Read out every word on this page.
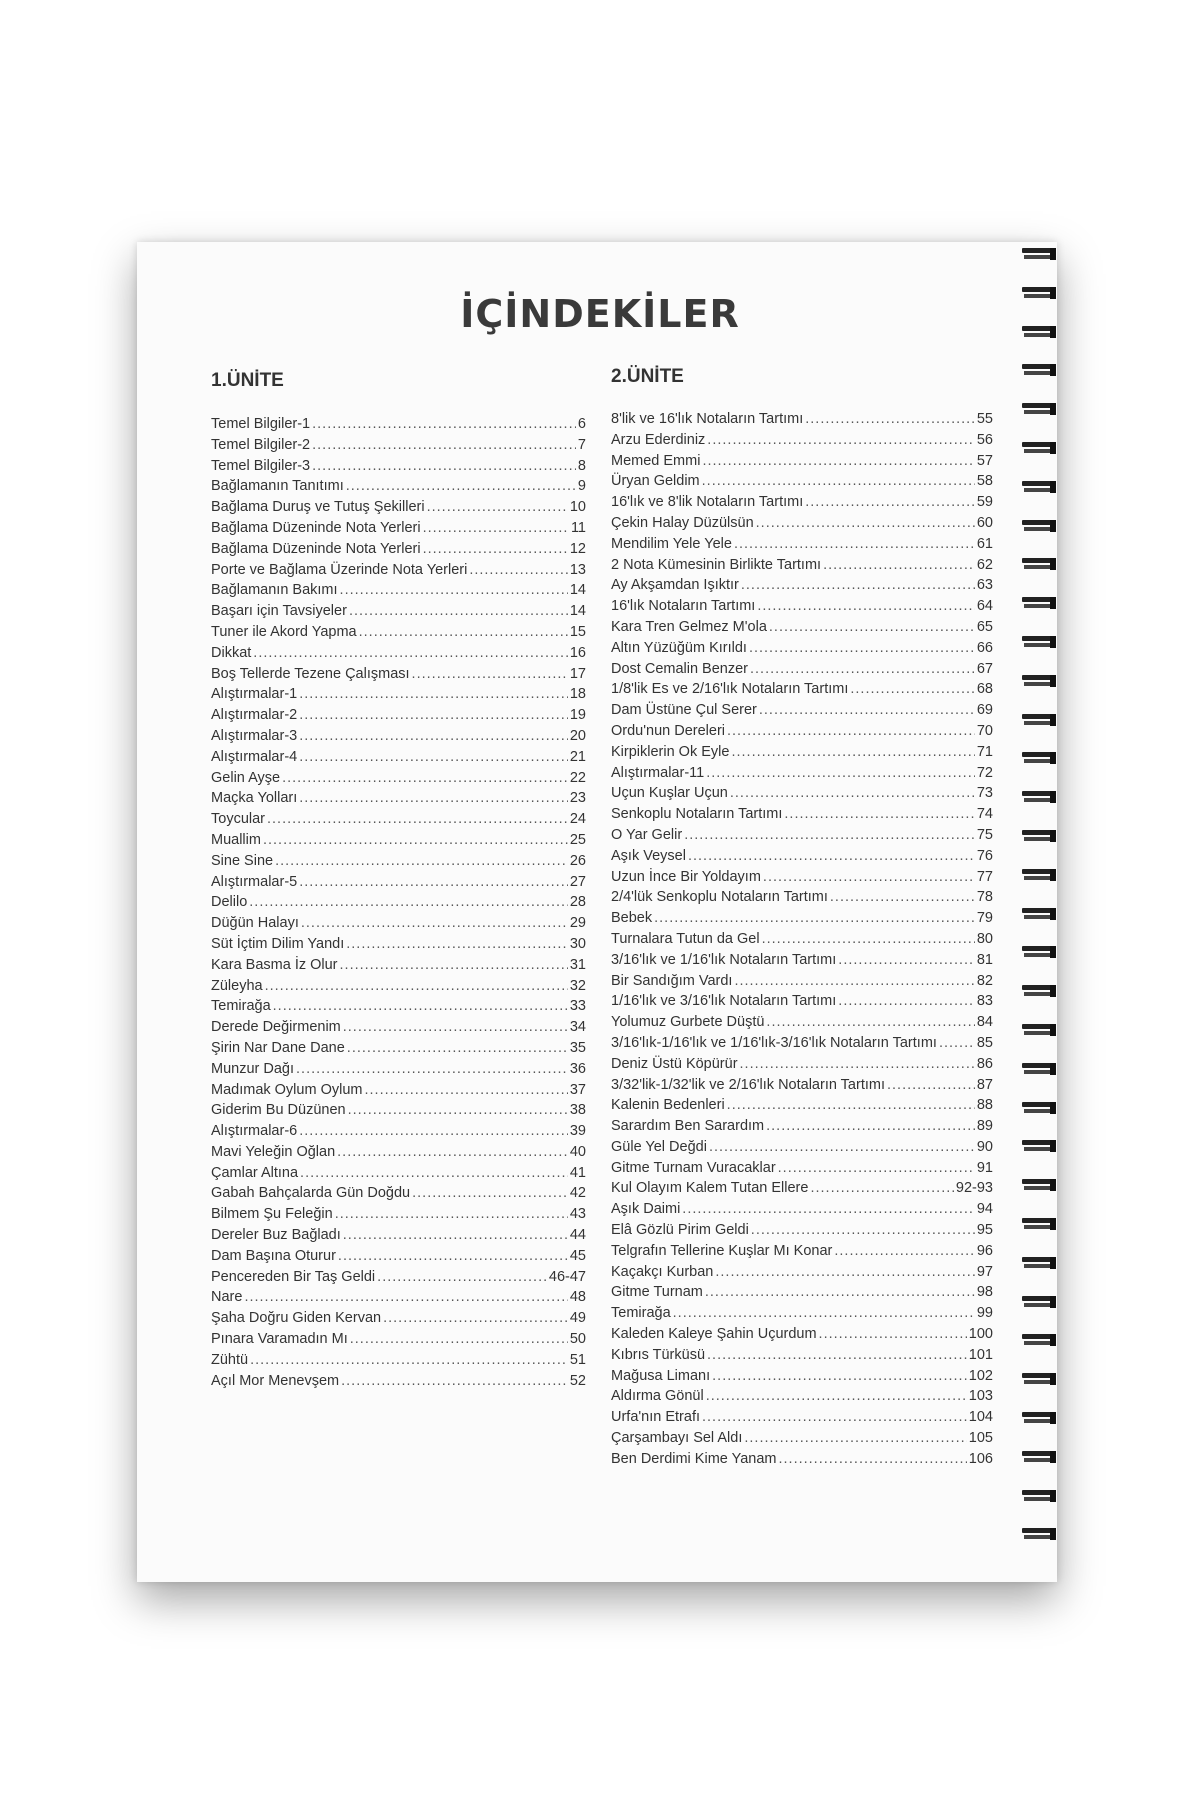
İÇİNDEKİLER
1.ÜNİTE	2.ÜNİTE
Temel Bilgiler-1 .....	6
Temel Bilgiler-2 .....	7
Temel Bilgiler-3 .....	8
Bağlamanın Tanıtımı .....	9
Bağlama Duruş ve Tutuş Şekilleri .....	10
Bağlama Düzeninde Nota Yerleri .....	11
Bağlama Düzeninde Nota Yerleri .....	12
Porte ve Bağlama Üzerinde Nota Yerleri .....	13
Bağlamanın Bakımı .....	14
Başarı için Tavsiyeler .....	14
Tuner ile Akord Yapma .....	15
Dikkat .....	16
Boş Tellerde Tezene Çalışması .....	17
Alıştırmalar-1 .....	18
Alıştırmalar-2 .....	19
Alıştırmalar-3 .....	20
Alıştırmalar-4 .....	21
Gelin Ayşe .....	22
Maçka Yolları .....	23
Toycular .....	24
Muallim .....	25
Sine Sine .....	26
Alıştırmalar-5 .....	27
Delilo .....	28
Düğün Halayı .....	29
Süt İçtim Dilim Yandı .....	30
Kara Basma İz Olur .....	31
Züleyha .....	32
Temirağa .....	33
Derede Değirmenim .....	34
Şirin Nar Dane Dane .....	35
Munzur Dağı .....	36
Madımak Oylum Oylum .....	37
Giderim Bu Düzünen .....	38
Alıştırmalar-6 .....	39
Mavi Yeleğin Oğlan .....	40
Çamlar Altına .....	41
Gabah Bahçalarda Gün Doğdu .....	42
Bilmem Şu Feleğin .....	43
Dereler Buz Bağladı .....	44
Dam Başına Oturur .....	45
Pencereden Bir Taş Geldi .....	46-47
Nare .....	48
Şaha Doğru Giden Kervan .....	49
Pınara Varamadın Mı .....	50
Zühtü .....	51
Açıl Mor Menevşem .....	52
8'lik ve 16'lık Notaların Tartımı .....	55
Arzu Ederdiniz .....	56
Memed Emmi .....	57
Üryan Geldim .....	58
16'lık ve 8'lik Notaların Tartımı .....	59
Çekin Halay Düzülsün .....	60
Mendilim Yele Yele .....	61
2 Nota Kümesinin Birlikte Tartımı .....	62
Ay Akşamdan Işıktır .....	63
16'lık Notaların Tartımı .....	64
Kara Tren Gelmez M'ola .....	65
Altın Yüzüğüm Kırıldı .....	66
Dost Cemalin Benzer .....	67
1/8'lik Es ve 2/16'lık Notaların Tartımı .....	68
Dam Üstüne Çul Serer .....	69
Ordu'nun Dereleri .....	70
Kirpiklerin Ok Eyle .....	71
Alıştırmalar-11 .....	72
Uçun Kuşlar Uçun .....	73
Senkoplu Notaların Tartımı .....	74
O Yar Gelir .....	75
Aşık Veysel .....	76
Uzun İnce Bir Yoldayım .....	77
2/4'lük Senkoplu Notaların Tartımı .....	78
Bebek .....	79
Turnalara Tutun da Gel .....	80
3/16'lık ve 1/16'lık Notaların Tartımı .....	81
Bir Sandığım Vardı .....	82
1/16'lık ve 3/16'lık Notaların Tartımı .....	83
Yolumuz Gurbete Düştü .....	84
3/16'lık-1/16'lık ve 1/16'lık-3/16'lık Notaların Tartımı .....	85
Deniz Üstü Köpürür .....	86
3/32'lik-1/32'lik ve 2/16'lık Notaların Tartımı .....	87
Kalenin Bedenleri .....	88
Sarardım Ben Sarardım .....	89
Güle Yel Değdi .....	90
Gitme Turnam Vuracaklar .....	91
Kul Olayım Kalem Tutan Ellere .....	92-93
Aşık Daimi .....	94
Elâ Gözlü Pirim Geldi .....	95
Telgrafın Tellerine Kuşlar Mı Konar .....	96
Kaçakçı Kurban .....	97
Gitme Turnam .....	98
Temirağa .....	99
Kaleden Kaleye Şahin Uçurdum .....	100
Kıbrıs Türküsü .....	101
Mağusa Limanı .....	102
Aldırma Gönül .....	103
Urfa'nın Etrafı .....	104
Çarşambayı Sel Aldı .....	105
Ben Derdimi Kime Yanam .....	106
